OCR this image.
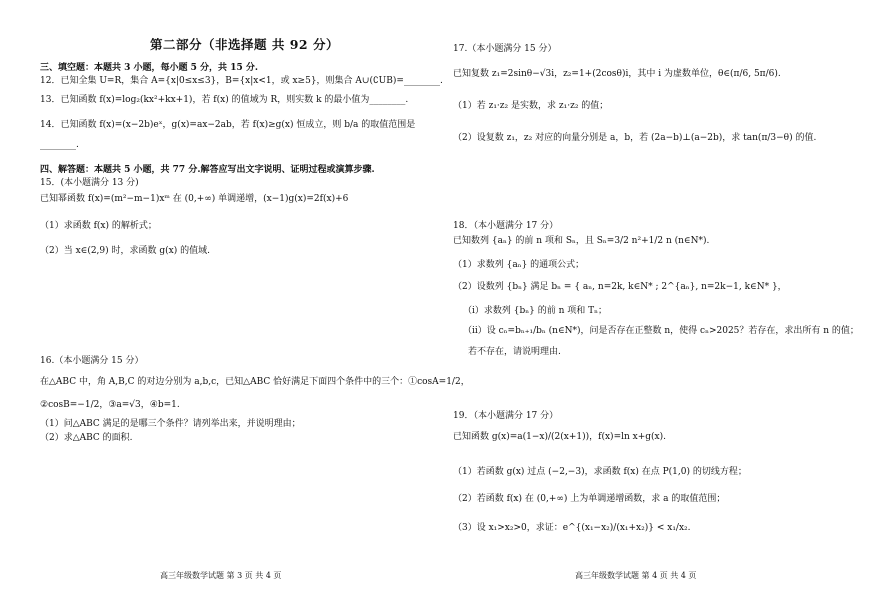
第二部分（非选择题 共 92 分）
三、填空题：本题共 3 小题，每小题 5 分，共 15 分.
12．已知全集 U=R，集合 A={x|0≤x≤3}，B={x|x<1，或 x≥5}，则集合 A∪(∁UB)=________.
13．已知函数 f(x)=log₂(kx²+kx+1)，若 f(x) 的值域为 R，则实数 k 的最小值为________.
14．已知函数 f(x)=(x−2b)eˣ，g(x)=ax−2ab，若 f(x)≥g(x) 恒成立，则 b/a 的取值范围是
________.
四、解答题：本题共 5 小题，共 77 分.解答应写出文字说明、证明过程或演算步骤.
15．(本小题满分 13 分)
已知幂函数 f(x)=(m²−m−1)xᵐ 在 (0,+∞) 单调递增，(x−1)g(x)=2f(x)+6
（1）求函数 f(x) 的解析式；
（2）当 x∈(2,9) 时，求函数 g(x) 的值域.
16.（本小题满分 15 分）
在△ABC 中，角 A,B,C 的对边分别为 a,b,c，已知△ABC 恰好满足下面四个条件中的三个：①cosA=1/2，
②cosB=−1/2，③a=√3，④b=1.
（1）问△ABC 满足的是哪三个条件？请列举出来，并说明理由；
（2）求△ABC 的面积.
高三年级数学试题 第 3 页 共 4 页
17.（本小题满分 15 分）
已知复数 z₁=2sinθ−√3i，z₂=1+(2cosθ)i，其中 i 为虚数单位，θ∈(π/6, 5π/6).
（1）若 z₁·z₂ 是实数，求 z₁·z₂ 的值；
（2）设复数 z₁，z₂ 对应的向量分别是 a，b，若 (2a−b)⊥(a−2b)，求 tan(π/3−θ) 的值.
18．（本小题满分 17 分）
已知数列 {aₙ} 的前 n 项和 Sₙ，且 Sₙ=3/2 n²+1/2 n (n∈N*).
（1）求数列 {aₙ} 的通项公式；
（2）设数列 {bₙ} 满足 bₙ = { aₙ, n=2k, k∈N* ; 2^{aₙ}, n=2k−1, k∈N* }，
（i）求数列 {bₙ} 的前 n 项和 Tₙ；
（ii）设 cₙ=bₙ₊₁/bₙ (n∈N*)，问是否存在正整数 n，使得 cₙ>2025？若存在，求出所有 n 的值；
若不存在，请说明理由.
19．（本小题满分 17 分）
已知函数 g(x)=a(1−x)/(2(x+1))，f(x)=ln x+g(x).
（1）若函数 g(x) 过点 (−2,−3)，求函数 f(x) 在点 P(1,0) 的切线方程；
（2）若函数 f(x) 在 (0,+∞) 上为单调递增函数，求 a 的取值范围；
（3）设 x₁>x₂>0，求证：e^{(x₁−x₂)/(x₁+x₂)} < x₁/x₂.
高三年级数学试题 第 4 页 共 4 页
